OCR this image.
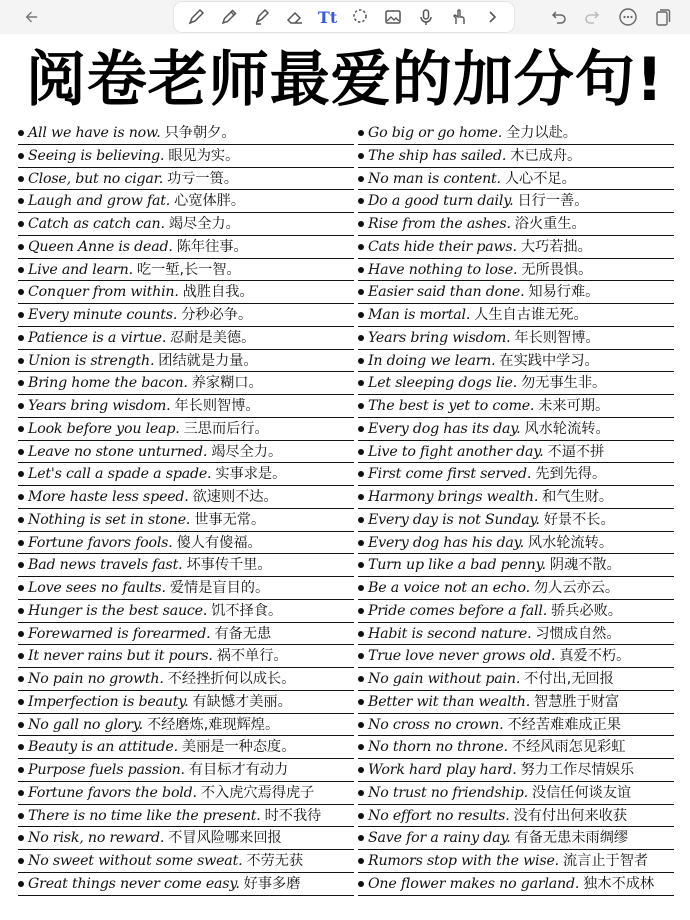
Tt
阅卷老师最爱的加分句!
All we have is now. 只争朝夕。
Seeing is believing. 眼见为实。
Close, but no cigar. 功亏一篑。
Laugh and grow fat. 心宽体胖。
Catch as catch can. 竭尽全力。
Queen Anne is dead. 陈年往事。
Live and learn. 吃一堑,长一智。
Conquer from within. 战胜自我。
Every minute counts. 分秒必争。
Patience is a virtue. 忍耐是美德。
Union is strength. 团结就是力量。
Bring home the bacon. 养家糊口。
Years bring wisdom. 年长则智博。
Look before you leap. 三思而后行。
Leave no stone unturned. 竭尽全力。
Let's call a spade a spade. 实事求是。
More haste less speed. 欲速则不达。
Nothing is set in stone. 世事无常。
Fortune favors fools. 傻人有傻福。
Bad news travels fast. 坏事传千里。
Love sees no faults. 爱情是盲目的。
Hunger is the best sauce. 饥不择食。
Forewarned is forearmed. 有备无患
It never rains but it pours. 祸不单行。
No pain no growth. 不经挫折何以成长。
Imperfection is beauty. 有缺憾才美丽。
No gall no glory. 不经磨炼,难现辉煌。
Beauty is an attitude. 美丽是一种态度。
Purpose fuels passion. 有目标才有动力
Fortune favors the bold. 不入虎穴焉得虎子
There is no time like the present. 时不我待
No risk, no reward. 不冒风险哪来回报
No sweet without some sweat. 不劳无获
Great things never come easy. 好事多磨
Go big or go home. 全力以赴。
The ship has sailed. 木已成舟。
No man is content. 人心不足。
Do a good turn daily. 日行一善。
Rise from the ashes. 浴火重生。
Cats hide their paws. 大巧若拙。
Have nothing to lose. 无所畏惧。
Easier said than done. 知易行难。
Man is mortal. 人生自古谁无死。
Years bring wisdom. 年长则智博。
In doing we learn. 在实践中学习。
Let sleeping dogs lie. 勿无事生非。
The best is yet to come. 未来可期。
Every dog has its day. 风水轮流转。
Live to fight another day. 不逼不拼
First come first served. 先到先得。
Harmony brings wealth. 和气生财。
Every day is not Sunday. 好景不长。
Every dog has his day. 风水轮流转。
Turn up like a bad penny. 阴魂不散。
Be a voice not an echo. 勿人云亦云。
Pride comes before a fall. 骄兵必败。
Habit is second nature. 习惯成自然。
True love never grows old. 真爱不朽。
No gain without pain. 不付出,无回报
Better wit than wealth. 智慧胜于财富
No cross no crown. 不经苦难难成正果
No thorn no throne. 不经风雨怎见彩虹
Work hard play hard. 努力工作尽情娱乐
No trust no friendship. 没信任何谈友谊
No effort no results. 没有付出何来收获
Save for a rainy day. 有备无患未雨绸缪
Rumors stop with the wise. 流言止于智者
One flower makes no garland. 独木不成林
